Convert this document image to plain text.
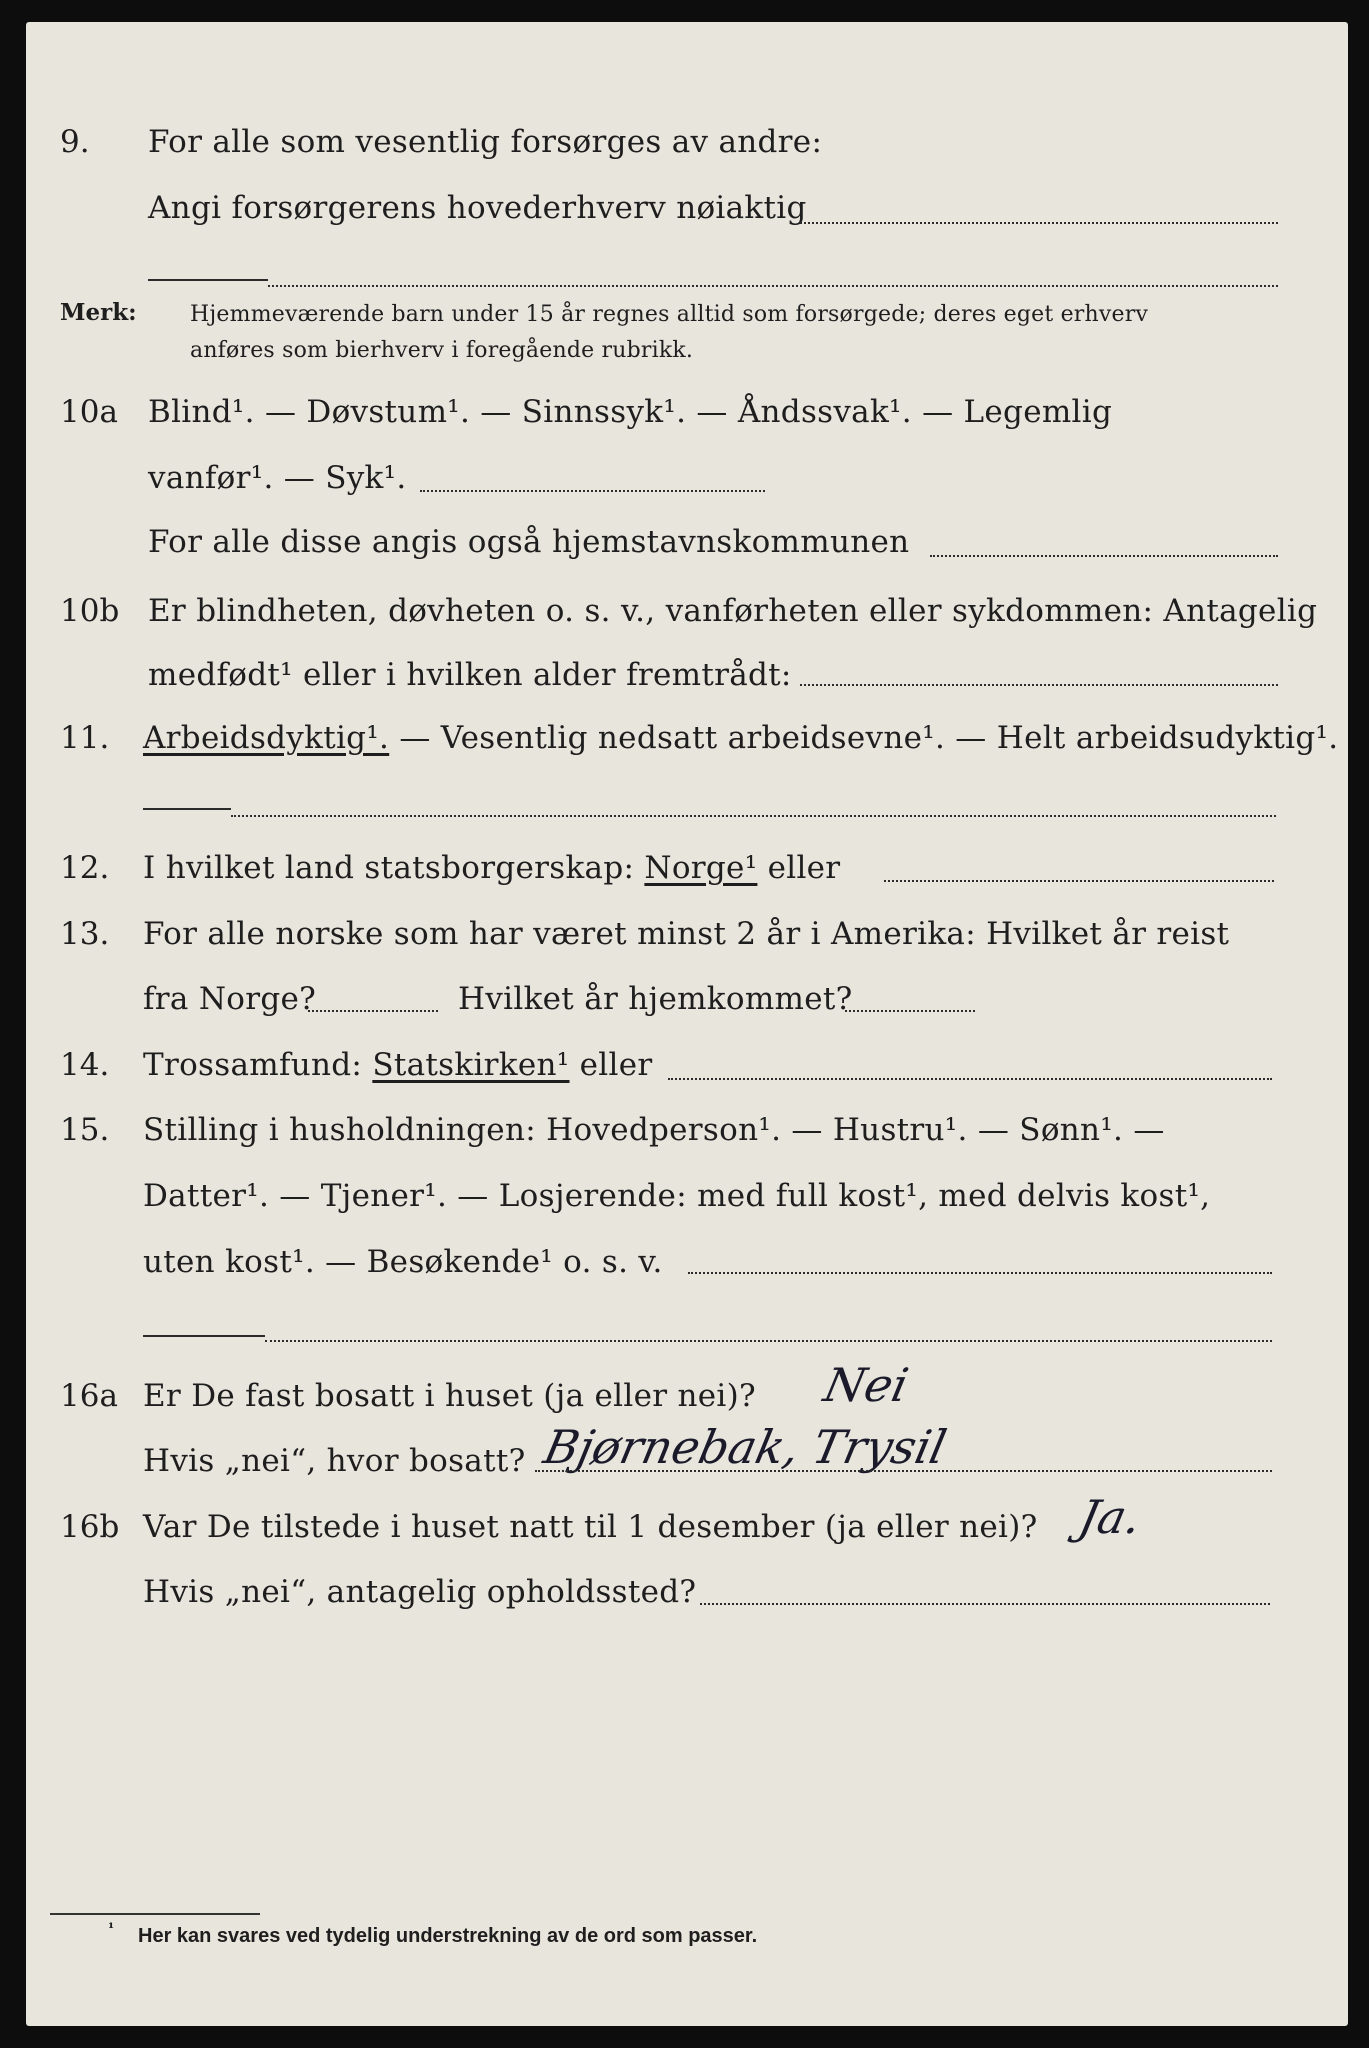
9. For alle som vesentlig forsørges av andre:
Angi forsørgerens hovederhverv nøiaktig
Merk: Hjemmeværende barn under 15 år regnes alltid som forsørgede; deres eget erhverv
anføres som bierhverv i foregående rubrikk.
10a Blind¹. — Døvstum¹. — Sinnssyk¹. — Åndssvak¹. — Legemlig
vanfør¹. — Syk¹.
For alle disse angis også hjemstavnskommunen
10b Er blindheten, døvheten o. s. v., vanførheten eller sykdommen: Antagelig
medfødt¹ eller i hvilken alder fremtrådt:
11. Arbeidsdyktig¹. — Vesentlig nedsatt arbeidsevne¹. — Helt arbeidsudyktig¹.
12. I hvilket land statsborgerskap: Norge¹ eller
13. For alle norske som har været minst 2 år i Amerika: Hvilket år reist
fra Norge?	Hvilket år hjemkommet?
14. Trossamfund: Statskirken¹ eller
15. Stilling i husholdningen: Hovedperson¹. — Hustru¹. — Sønn¹. —
Datter¹. — Tjener¹. — Losjerende: med full kost¹, med delvis kost¹,
uten kost¹. — Besøkende¹ o. s. v.
16a Er De fast bosatt i huset (ja eller nei)? Nei
Hvis „nei“, hvor bosatt? Bjørnebak, Trysil
16b Var De tilstede i huset natt til 1 desember (ja eller nei)? Ja.
Hvis „nei“, antagelig opholdssted?
¹ Her kan svares ved tydelig understrekning av de ord som passer.
